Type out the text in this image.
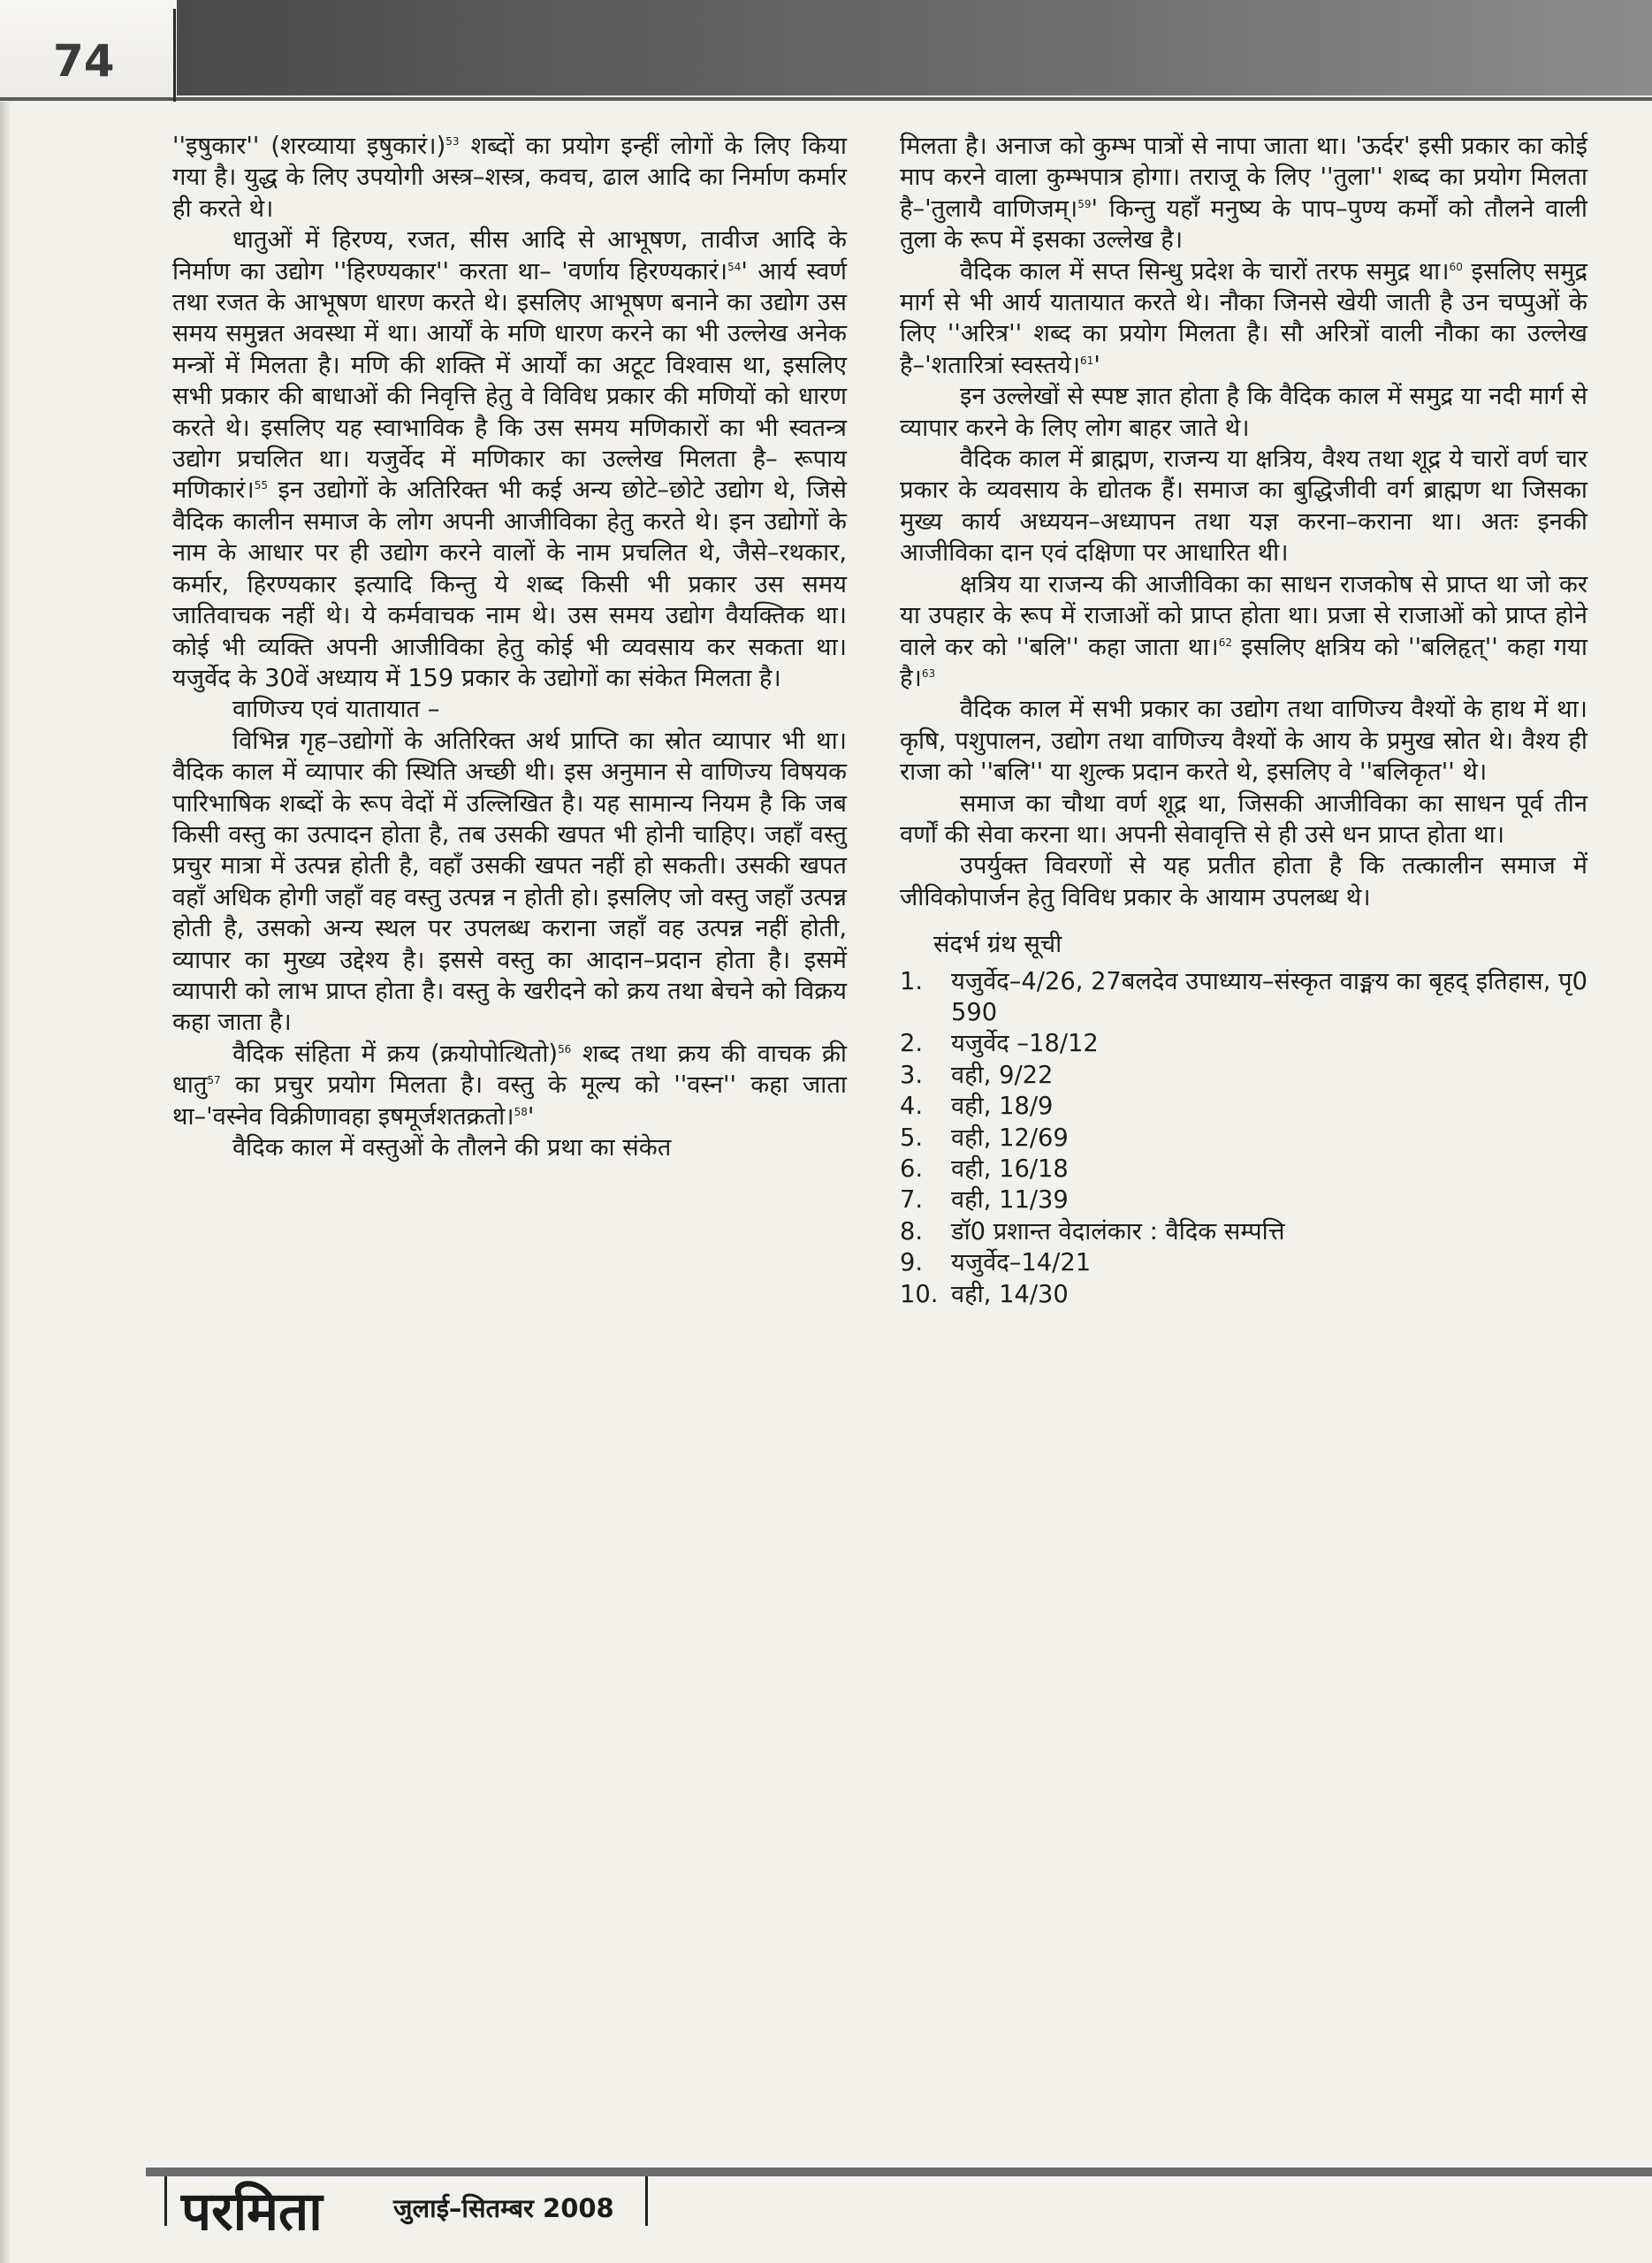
74

''इषुकार'' (शरव्याया इषुकारं।)$^{53}$ शब्दों का प्रयोग इन्हीं लोगों के लिए किया गया है। युद्ध के लिए उपयोगी अस्त्र–शस्त्र, कवच, ढाल आदि का निर्माण कर्मार ही करते थे।

धातुओं में हिरण्य, रजत, सीस आदि से आभूषण, तावीज आदि के निर्माण का उद्योग ''हिरण्यकार'' करता था– 'वर्णाय हिरण्यकारं।$^{54}$' आर्य स्वर्ण तथा रजत के आभूषण धारण करते थे। इसलिए आभूषण बनाने का उद्योग उस समय समुन्नत अवस्था में था। आर्यों के मणि धारण करने का भी उल्लेख अनेक मन्त्रों में मिलता है। मणि की शक्ति में आर्यों का अटूट विश्वास था, इसलिए सभी प्रकार की बाधाओं की निवृत्ति हेतु वे विविध प्रकार की मणियों को धारण करते थे। इसलिए यह स्वाभाविक है कि उस समय मणिकारों का भी स्वतन्त्र उद्योग प्रचलित था। यजुर्वेद में मणिकार का उल्लेख मिलता है– रूपाय मणिकारं।$^{55}$ इन उद्योगों के अतिरिक्त भी कई अन्य छोटे–छोटे उद्योग थे, जिसे वैदिक कालीन समाज के लोग अपनी आजीविका हेतु करते थे। इन उद्योगों के नाम के आधार पर ही उद्योग करने वालों के नाम प्रचलित थे, जैसे–रथकार, कर्मार, हिरण्यकार इत्यादि किन्तु ये शब्द किसी भी प्रकार उस समय जातिवाचक नहीं थे। ये कर्मवाचक नाम थे। उस समय उद्योग वैयक्तिक था। कोई भी व्यक्ति अपनी आजीविका हेतु कोई भी व्यवसाय कर सकता था। यजुर्वेद के 30वें अध्याय में 159 प्रकार के उद्योगों का संकेत मिलता है।

वाणिज्य एवं यातायात –

विभिन्न गृह–उद्योगों के अतिरिक्त अर्थ प्राप्ति का स्रोत व्यापार भी था। वैदिक काल में व्यापार की स्थिति अच्छी थी। इस अनुमान से वाणिज्य विषयक पारिभाषिक शब्दों के रूप वेदों में उल्लिखित है। यह सामान्य नियम है कि जब किसी वस्तु का उत्पादन होता है, तब उसकी खपत भी होनी चाहिए। जहाँ वस्तु प्रचुर मात्रा में उत्पन्न होती है, वहाँ उसकी खपत नहीं हो सकती। उसकी खपत वहाँ अधिक होगी जहाँ वह वस्तु उत्पन्न न होती हो। इसलिए जो वस्तु जहाँ उत्पन्न होती है, उसको अन्य स्थल पर उपलब्ध कराना जहाँ वह उत्पन्न नहीं होती, व्यापार का मुख्य उद्देश्य है। इससे वस्तु का आदान–प्रदान होता है। इसमें व्यापारी को लाभ प्राप्त होता है। वस्तु के खरीदने को क्रय तथा बेचने को विक्रय कहा जाता है।

वैदिक संहिता में क्रय (क्रयोपोत्थितो)$^{56}$ शब्द तथा क्रय की वाचक क्री धातु$^{57}$ का प्रचुर प्रयोग मिलता है। वस्तु के मूल्य को ''वस्न'' कहा जाता था–'वस्नेव विक्रीणावहा इषमूर्जशतक्रतो।$^{58}$'

वैदिक काल में वस्तुओं के तौलने की प्रथा का संकेत

मिलता है। अनाज को कुम्भ पात्रों से नापा जाता था। 'ऊर्दर' इसी प्रकार का कोई माप करने वाला कुम्भपात्र होगा। तराजू के लिए ''तुला'' शब्द का प्रयोग मिलता है–'तुलायै वाणिजम्।$^{59}$' किन्तु यहाँ मनुष्य के पाप–पुण्य कर्मों को तौलने वाली तुला के रूप में इसका उल्लेख है।

वैदिक काल में सप्त सिन्धु प्रदेश के चारों तरफ समुद्र था।$^{60}$ इसलिए समुद्र मार्ग से भी आर्य यातायात करते थे। नौका जिनसे खेयी जाती है उन चप्पुओं के लिए ''अरित्र'' शब्द का प्रयोग मिलता है। सौ अरित्रों वाली नौका का उल्लेख है–'शतारित्रां स्वस्तये।$^{61}$'

इन उल्लेखों से स्पष्ट ज्ञात होता है कि वैदिक काल में समुद्र या नदी मार्ग से व्यापार करने के लिए लोग बाहर जाते थे।

वैदिक काल में ब्राह्मण, राजन्य या क्षत्रिय, वैश्य तथा शूद्र ये चारों वर्ण चार प्रकार के व्यवसाय के द्योतक हैं। समाज का बुद्धिजीवी वर्ग ब्राह्मण था जिसका मुख्य कार्य अध्ययन–अध्यापन तथा यज्ञ करना–कराना था। अतः इनकी आजीविका दान एवं दक्षिणा पर आधारित थी।

क्षत्रिय या राजन्य की आजीविका का साधन राजकोष से प्राप्त था जो कर या उपहार के रूप में राजाओं को प्राप्त होता था। प्रजा से राजाओं को प्राप्त होने वाले कर को ''बलि'' कहा जाता था।$^{62}$ इसलिए क्षत्रिय को ''बलिहृत्'' कहा गया है।$^{63}$

वैदिक काल में सभी प्रकार का उद्योग तथा वाणिज्य वैश्यों के हाथ में था। कृषि, पशुपालन, उद्योग तथा वाणिज्य वैश्यों के आय के प्रमुख स्रोत थे। वैश्य ही राजा को ''बलि'' या शुल्क प्रदान करते थे, इसलिए वे ''बलिकृत'' थे।

समाज का चौथा वर्ण शूद्र था, जिसकी आजीविका का साधन पूर्व तीन वर्णों की सेवा करना था। अपनी सेवावृत्ति से ही उसे धन प्राप्त होता था।

उपर्युक्त विवरणों से यह प्रतीत होता है कि तत्कालीन समाज में जीविकोपार्जन हेतु विविध प्रकार के आयाम उपलब्ध थे।

संदर्भ ग्रंथ सूची

1.	यजुर्वेद–4/26, 27बलदेव उपाध्याय–संस्कृत वाङ्मय का बृहद् इतिहास, पृ0 590
2.	यजुर्वेद –18/12
3.	वही, 9/22
4.	वही, 18/9
5.	वही, 12/69
6.	वही, 16/18
7.	वही, 11/39
8.	डॉ0 प्रशान्त वेदालंकार : वैदिक सम्पत्ति
9.	यजुर्वेद–14/21
10. वही, 14/30
परमिता	जुलाई–सितम्बर 2008
